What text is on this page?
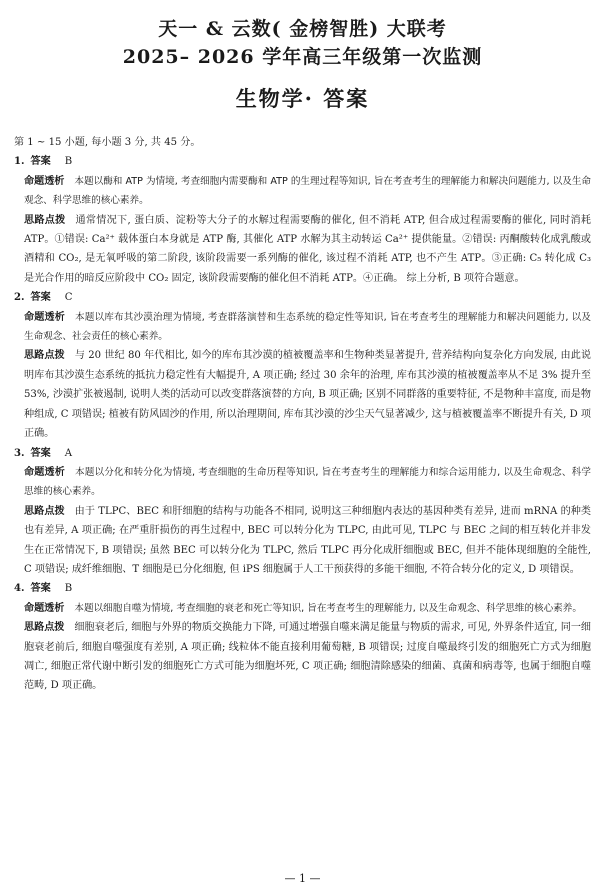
天一 & 云数( 金榜智胜) 大联考
2025– 2026 学年高三年级第一次监测
生物学· 答案

第 1 ~ 15 小题, 每小题 3 分, 共 45 分。

1. 答案 B

命题透析 本题以酶和 ATP 为情境, 考查细胞内需要酶和 ATP 的生理过程等知识, 旨在考查考生的理解能力和解决问题能力, 以及生命观念、科学思维的核心素养。

思路点拨 通常情况下, 蛋白质、淀粉等大分子的水解过程需要酶的催化, 但不消耗 ATP, 但合成过程需要酶的催化, 同时消耗 ATP。①错误: Ca²⁺ 载体蛋白本身就是 ATP 酶, 其催化 ATP 水解为其主动转运 Ca²⁺ 提供能量。②错误: 丙酮酸转化成乳酸或酒精和 CO₂, 是无氧呼吸的第二阶段, 该阶段需要一系列酶的催化, 该过程不消耗 ATP, 也不产生 ATP。③正确: C₅ 转化成 C₃ 是光合作用的暗反应阶段中 CO₂ 固定, 该阶段需要酶的催化但不消耗 ATP。④正确。 综上分析, B 项符合题意。

2. 答案 C

命题透析 本题以库布其沙漠治理为情境, 考查群落演替和生态系统的稳定性等知识, 旨在考查考生的理解能力和解决问题能力, 以及生命观念、社会责任的核心素养。

思路点拨 与 20 世纪 80 年代相比, 如今的库布其沙漠的植被覆盖率和生物种类显著提升, 营养结构向复杂化方向发展, 由此说明库布其沙漠生态系统的抵抗力稳定性有大幅提升, A 项正确; 经过 30 余年的治理, 库布其沙漠的植被覆盖率从不足 3% 提升至 53%, 沙漠扩张被遏制, 说明人类的活动可以改变群落演替的方向, B 项正确; 区别不同群落的重要特征, 不是物种丰富度, 而是物种组成, C 项错误; 植被有防风固沙的作用, 所以治理期间, 库布其沙漠的沙尘天气显著减少, 这与植被覆盖率不断提升有关, D 项正确。

3. 答案 A

命题透析 本题以分化和转分化为情境, 考查细胞的生命历程等知识, 旨在考查考生的理解能力和综合运用能力, 以及生命观念、科学思维的核心素养。

思路点拨 由于 TLPC、BEC 和肝细胞的结构与功能各不相同, 说明这三种细胞内表达的基因种类有差异, 进而 mRNA 的种类也有差异, A 项正确; 在严重肝损伤的再生过程中, BEC 可以转分化为 TLPC, 由此可见, TLPC 与 BEC 之间的相互转化并非发生在正常情况下, B 项错误; 虽然 BEC 可以转分化为 TLPC, 然后 TLPC 再分化成肝细胞或 BEC, 但并不能体现细胞的全能性, C 项错误; 成纤维细胞、T 细胞是已分化细胞, 但 iPS 细胞属于人工干预获得的多能干细胞, 不符合转分化的定义, D 项错误。

4. 答案 B

命题透析 本题以细胞自噬为情境, 考查细胞的衰老和死亡等知识, 旨在考查考生的理解能力, 以及生命观念、科学思维的核心素养。

思路点拨 细胞衰老后, 细胞与外界的物质交换能力下降, 可通过增强自噬来满足能量与物质的需求, 可见, 外界条件适宜, 同一细胞衰老前后, 细胞自噬强度有差别, A 项正确; 线粒体不能直接利用葡萄糖, B 项错误; 过度自噬最终引发的细胞死亡方式为细胞凋亡, 细胞正常代谢中断引发的细胞死亡方式可能为细胞坏死, C 项正确; 细胞清除感染的细菌、真菌和病毒等, 也属于细胞自噬范畴, D 项正确。

— 1 —
